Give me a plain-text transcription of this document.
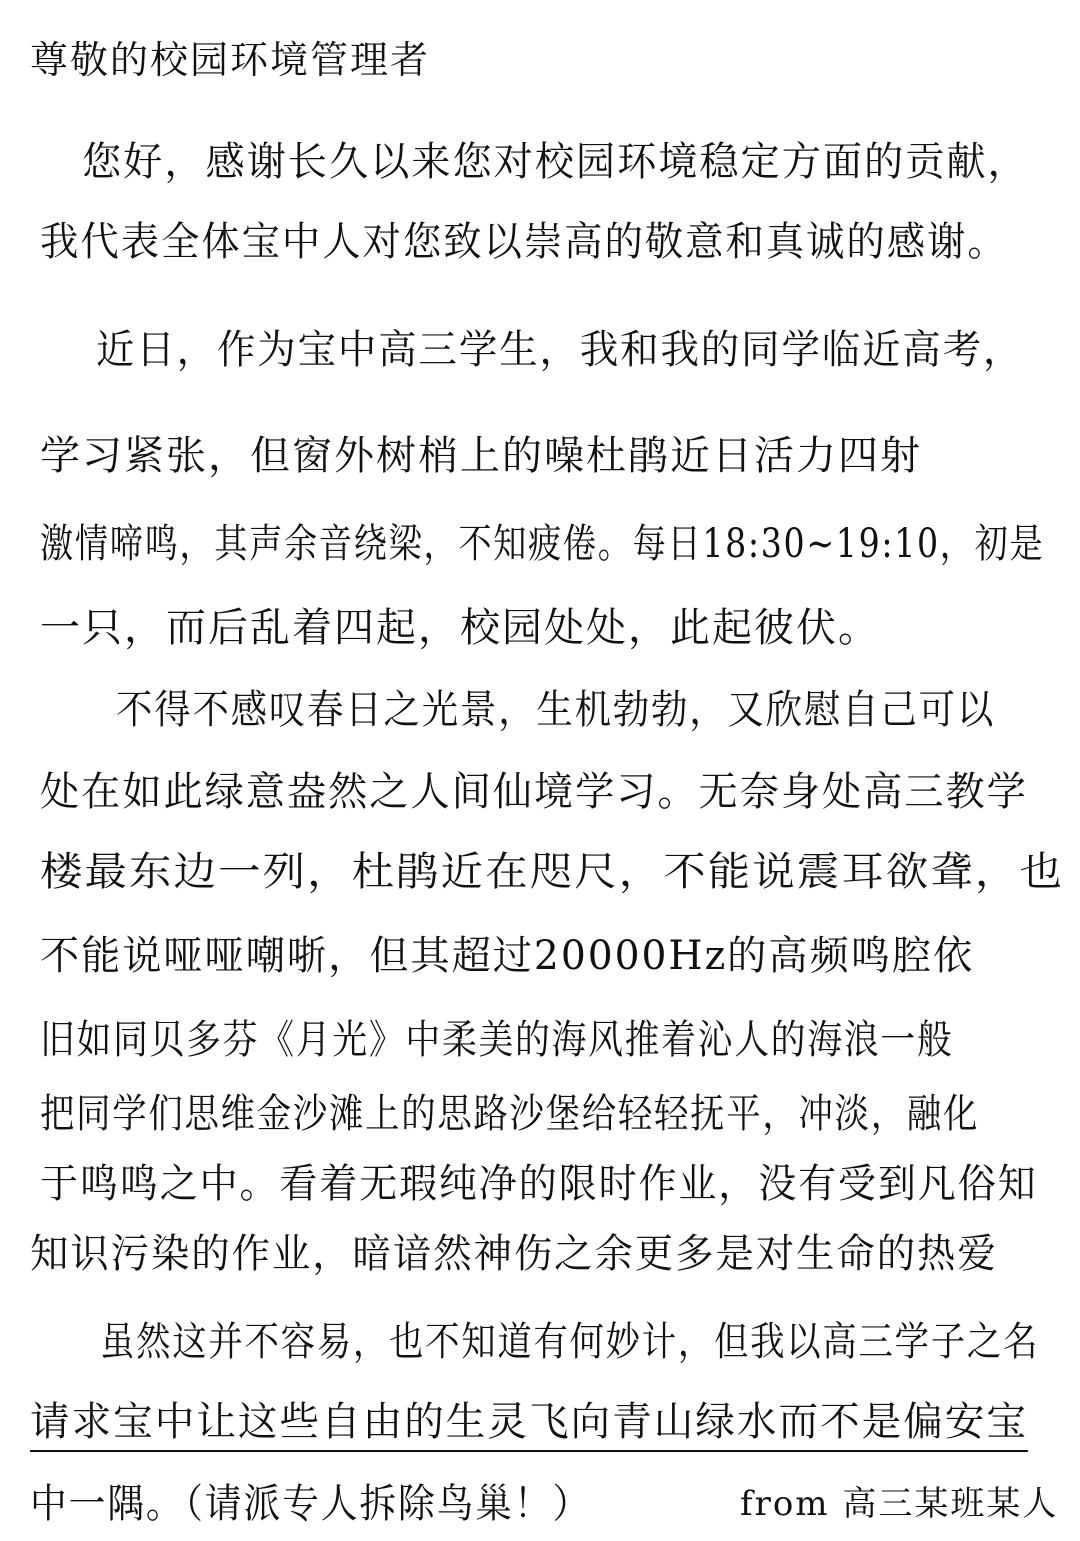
尊敬的校园环境管理者
您好，感谢长久以来您对校园环境稳定方面的贡献，
我代表全体宝中人对您致以崇高的敬意和真诚的感谢。
近日，作为宝中高三学生，我和我的同学临近高考，
学习紧张，但窗外树梢上的噪杜鹃近日活力四射
激情啼鸣，其声余音绕梁，不知疲倦。每日18:30~19:10，初是
一只，而后乱着四起，校园处处，此起彼伏。
不得不感叹春日之光景，生机勃勃，又欣慰自己可以
处在如此绿意盎然之人间仙境学习。无奈身处高三教学
楼最东边一列，杜鹃近在咫尺，不能说震耳欲聋，也
不能说哑哑嘲哳，但其超过20000Hz的高频鸣腔依
旧如同贝多芬《月光》中柔美的海风推着沁人的海浪一般
把同学们思维金沙滩上的思路沙堡给轻轻抚平，冲淡，融化
于鸣鸣之中。看着无瑕纯净的限时作业，没有受到凡俗知
知识污染的作业，暗谙然神伤之余更多是对生命的热爱
虽然这并不容易，也不知道有何妙计，但我以高三学子之名
请求宝中让这些自由的生灵飞向青山绿水而不是偏安宝
中一隅。（请派专人拆除鸟巢！）	from 高三某班某人
